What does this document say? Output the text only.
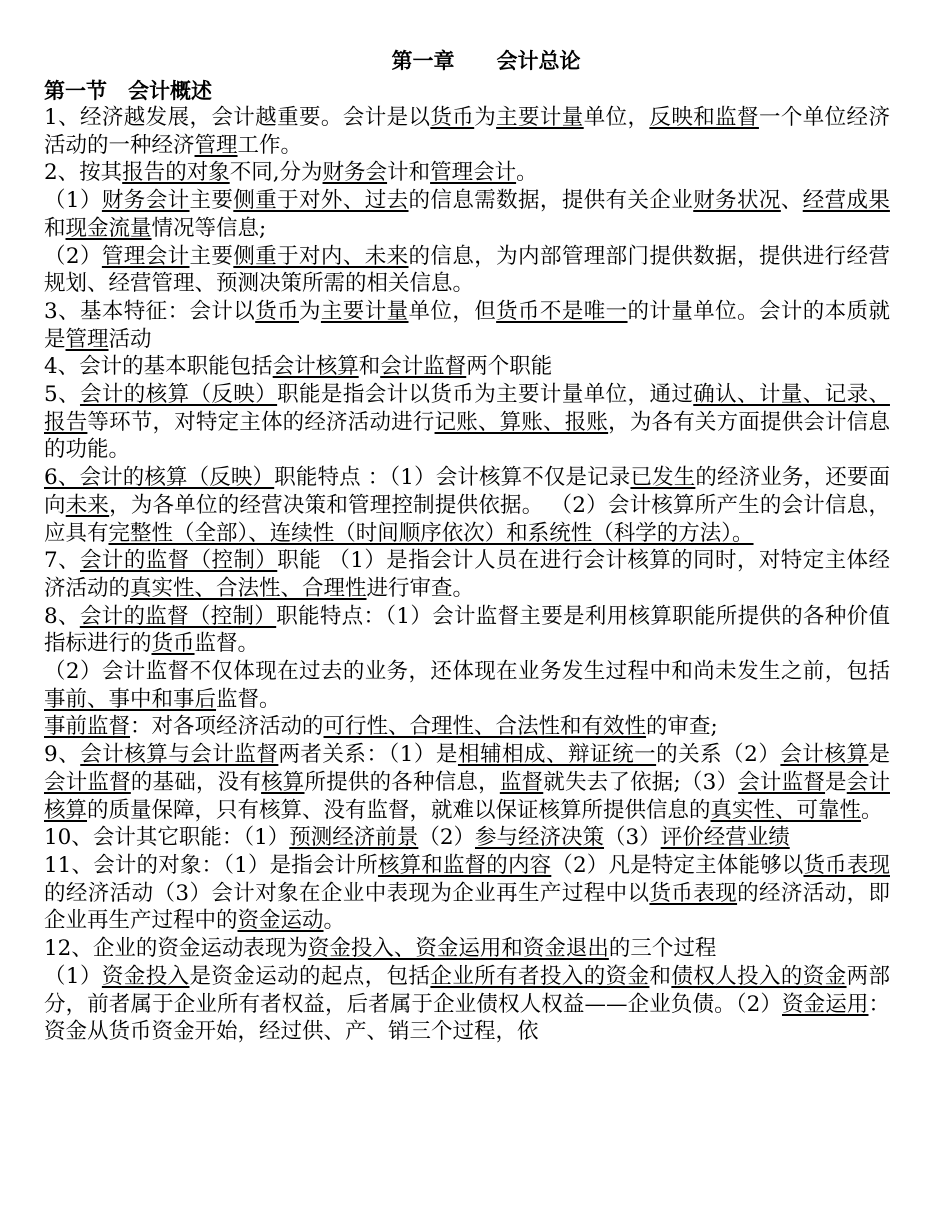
第一章　　会计总论
第一节　会计概述

1、经济越发展，会计越重要。会计是以货币为主要计量单位，反映和监督一个单位经济活动的一种经济管理工作。

2、按其报告的对象不同,分为财务会计和管理会计。

（1）财务会计主要侧重于对外、过去的信息需数据，提供有关企业财务状况、经营成果和现金流量情况等信息;

（2）管理会计主要侧重于对内、未来的信息，为内部管理部门提供数据，提供进行经营规划、经营管理、预测决策所需的相关信息。

3、基本特征：会计以货币为主要计量单位，但货币不是唯一的计量单位。会计的本质就是管理活动

4、会计的基本职能包括会计核算和会计监督两个职能

5、会计的核算（反映）职能是指会计以货币为主要计量单位，通过确认、计量、记录、报告等环节，对特定主体的经济活动进行记账、算账、报账，为各有关方面提供会计信息的功能。

6、会计的核算（反映）职能特点 ：（1）会计核算不仅是记录已发生的经济业务，还要面向未来，为各单位的经营决策和管理控制提供依据。 （2）会计核算所产生的会计信息，应具有完整性（全部）、连续性（时间顺序依次）和系统性（科学的方法）。

7、会计的监督（控制）职能 （1）是指会计人员在进行会计核算的同时，对特定主体经济活动的真实性、合法性、合理性进行审查。

8、会计的监督（控制）职能特点：（1）会计监督主要是利用核算职能所提供的各种价值指标进行的货币监督。

（2）会计监督不仅体现在过去的业务，还体现在业务发生过程中和尚未发生之前，包括事前、事中和事后监督。

事前监督：对各项经济活动的可行性、合理性、合法性和有效性的审查;

9、会计核算与会计监督两者关系：（1）是相辅相成、辩证统一的关系（2）会计核算是会计监督的基础，没有核算所提供的各种信息，监督就失去了依据;（3）会计监督是会计核算的质量保障，只有核算、没有监督，就难以保证核算所提供信息的真实性、可靠性。

10、会计其它职能：（1）预测经济前景（2）参与经济决策（3）评价经营业绩

11、会计的对象：（1）是指会计所核算和监督的内容（2）凡是特定主体能够以货币表现的经济活动（3）会计对象在企业中表现为企业再生产过程中以货币表现的经济活动，即企业再生产过程中的资金运动。

12、企业的资金运动表现为资金投入、资金运用和资金退出的三个过程

（1）资金投入是资金运动的起点，包括企业所有者投入的资金和债权人投入的资金两部分，前者属于企业所有者权益，后者属于企业债权人权益——企业负债。（2）资金运用：资金从货币资金开始，经过供、产、销三个过程，依
